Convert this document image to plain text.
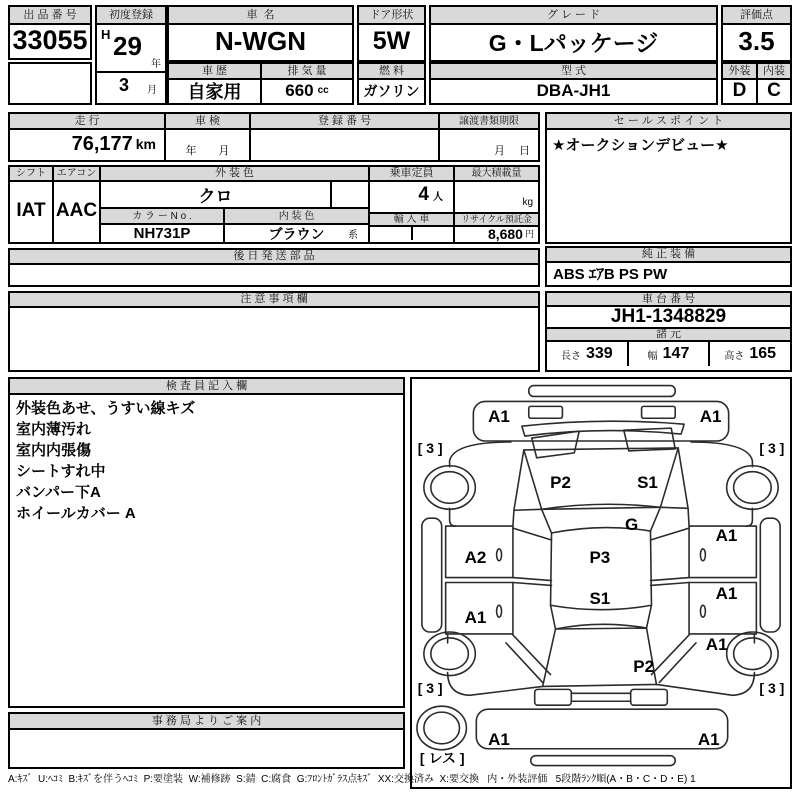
出 品 番 号
33055
初度登録
H 29
年
3 月
車  名
N-WGN
車 歴
自家用
排 気 量
660 cc
ドア形状
5W
燃 料
ガソリン
グ レ ー ド
G・Lパッケージ
型 式
DBA-JH1
評価点
3.5
外装
D
内装
C
走 行
76,177 km
車 検
年　　月
登 録 番 号	譲渡書類期限
月　 日
セ ー ル ス ポ イ ン ト
★オークションデビュー★
シフト
IAT
エアコン
AAC
外 装 色
クロ
カ ラ ー N o .	内 装 色
NH731P	ブラウン 系
乗車定員
4 人
輸 入 車
最大積載量
kg
リサイクル預託金
8,680 円
後 日 発 送 部 品	純 正 装 備
ABS ｴｱB PS PW
注 意 事 項 欄	車 台 番 号
JH1-1348829
諸 元
長さ 339	幅 147	高さ 165
検 査 員 記 入 欄
外装色あせ、うすい線キズ
室内薄汚れ
室内内張傷
シートすれ中
バンパー下A
ホイールカバー A
事 務 局 よ り ご 案 内
A1	A1
[ 3 ]	[ 3 ]
P2	S1
G
P3
A2
A1
S1	A1
A1
A1
P2
[ 3 ]	[ 3 ]
A1	A1
[ レス ]
A:ｷｽﾞ  U:ﾍｺﾐ  B:ｷｽﾞを伴うﾍｺﾐ  P:要塗装  W:補修跡  S:錆  C:腐食  G:ﾌﾛﾝﾄｶﾞﾗｽ点ｷｽﾞ  XX:交換済み  X:要交換   内・外装評価   5段階ﾗﾝｸ順(A・B・C・D・E) 1
